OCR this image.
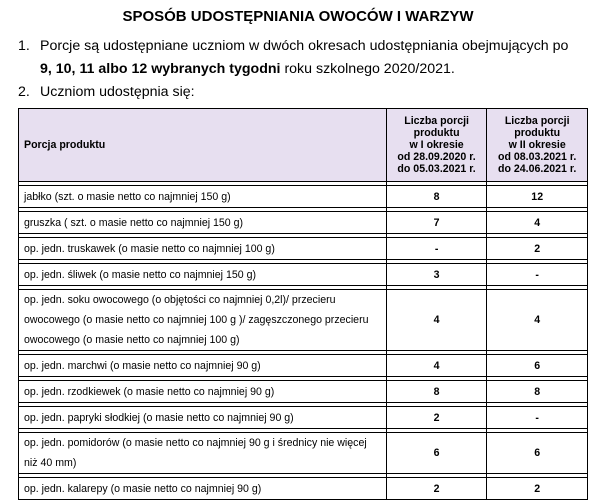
SPOSÓB UDOSTĘPNIANIA OWOCÓW I WARZYW
1. Porcje są udostępniane uczniom w dwóch okresach udostępniania obejmujących po
9, 10, 11 albo 12 wybranych tygodni roku szkolnego 2020/2021.
2. Uczniom udostępnia się:
Porcja produktu	Liczba porcji
produktu
w I okresie
od 28.09.2020 r.
do 05.03.2021 r.	Liczba porcji
produktu
w II okresie
od 08.03.2021 r.
do 24.06.2021 r.

jabłko (szt. o masie netto co najmniej 150 g)	8	12

gruszka ( szt. o masie netto co najmniej 150 g)	7	4

op. jedn. truskawek (o masie netto co najmniej 100 g)	-	2

op. jedn. śliwek (o masie netto co najmniej 150 g)	3	-

op. jedn. soku owocowego (o objętości co najmniej 0,2l)/ przecieru owocowego (o masie netto co najmniej 100 g )/ zagęszczonego przecieru owocowego (o masie netto co najmniej 100 g)	4	4

op. jedn. marchwi (o masie netto co najmniej 90 g)	4	6

op. jedn. rzodkiewek (o masie netto co najmniej 90 g)	8	8

op. jedn. papryki słodkiej (o masie netto co najmniej 90 g)	2	-

op. jedn. pomidorów (o masie netto co najmniej 90 g i średnicy nie więcej niż 40 mm)	6	6

op. jedn. kalarepy (o masie netto co najmniej 90 g)	2	2
